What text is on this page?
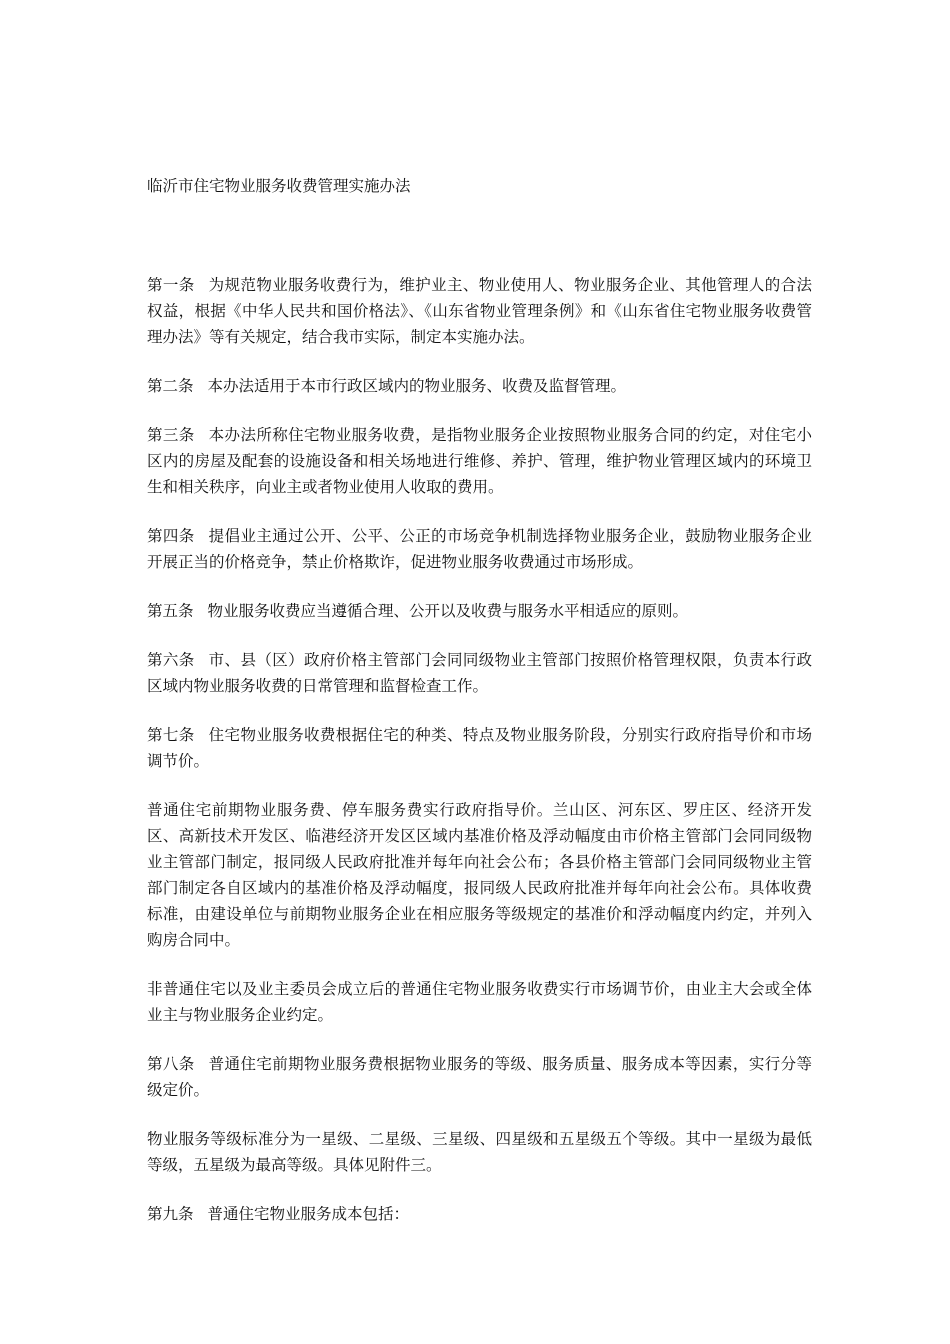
临沂市住宅物业服务收费管理实施办法

第一条 为规范物业服务收费行为，维护业主、物业使用人、物业服务企业、其他管理人的合法权益，根据《中华人民共和国价格法》、《山东省物业管理条例》和《山东省住宅物业服务收费管理办法》等有关规定，结合我市实际，制定本实施办法。

第二条 本办法适用于本市行政区域内的物业服务、收费及监督管理。

第三条 本办法所称住宅物业服务收费，是指物业服务企业按照物业服务合同的约定，对住宅小区内的房屋及配套的设施设备和相关场地进行维修、养护、管理，维护物业管理区域内的环境卫生和相关秩序，向业主或者物业使用人收取的费用。

第四条 提倡业主通过公开、公平、公正的市场竞争机制选择物业服务企业，鼓励物业服务企业开展正当的价格竞争，禁止价格欺诈，促进物业服务收费通过市场形成。

第五条 物业服务收费应当遵循合理、公开以及收费与服务水平相适应的原则。

第六条 市、县（区）政府价格主管部门会同同级物业主管部门按照价格管理权限，负责本行政区域内物业服务收费的日常管理和监督检查工作。

第七条 住宅物业服务收费根据住宅的种类、特点及物业服务阶段，分别实行政府指导价和市场调节价。

普通住宅前期物业服务费、停车服务费实行政府指导价。兰山区、河东区、罗庄区、经济开发区、高新技术开发区、临港经济开发区区域内基准价格及浮动幅度由市价格主管部门会同同级物业主管部门制定，报同级人民政府批准并每年向社会公布；各县价格主管部门会同同级物业主管部门制定各自区域内的基准价格及浮动幅度，报同级人民政府批准并每年向社会公布。具体收费标准，由建设单位与前期物业服务企业在相应服务等级规定的基准价和浮动幅度内约定，并列入购房合同中。

非普通住宅以及业主委员会成立后的普通住宅物业服务收费实行市场调节价，由业主大会或全体业主与物业服务企业约定。

第八条 普通住宅前期物业服务费根据物业服务的等级、服务质量、服务成本等因素，实行分等级定价。

物业服务等级标准分为一星级、二星级、三星级、四星级和五星级五个等级。其中一星级为最低等级，五星级为最高等级。具体见附件三。

第九条 普通住宅物业服务成本包括：
